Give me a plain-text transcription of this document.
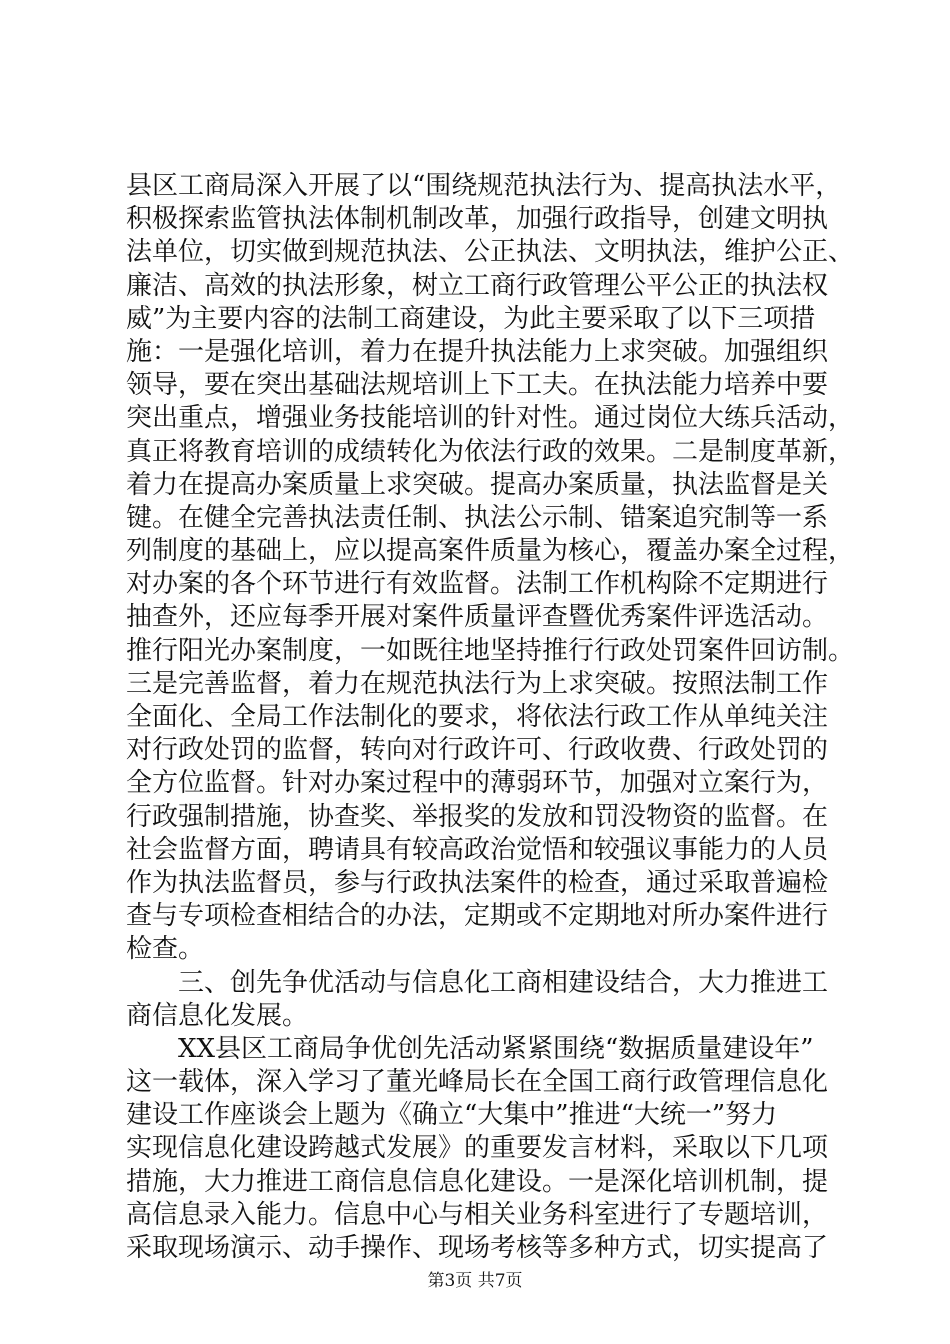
县区工商局深入开展了以“围绕规范执法行为、提高执法水平，
积极探索监管执法体制机制改革，加强行政指导，创建文明执
法单位，切实做到规范执法、公正执法、文明执法，维护公正、
廉洁、高效的执法形象，树立工商行政管理公平公正的执法权
威”为主要内容的法制工商建设，为此主要采取了以下三项措
施：一是强化培训，着力在提升执法能力上求突破。加强组织
领导，要在突出基础法规培训上下工夫。在执法能力培养中要
突出重点，增强业务技能培训的针对性。通过岗位大练兵活动，
真正将教育培训的成绩转化为依法行政的效果。二是制度革新，
着力在提高办案质量上求突破。提高办案质量，执法监督是关
键。在健全完善执法责任制、执法公示制、错案追究制等一系
列制度的基础上，应以提高案件质量为核心，覆盖办案全过程，
对办案的各个环节进行有效监督。法制工作机构除不定期进行
抽查外，还应每季开展对案件质量评查暨优秀案件评选活动。
推行阳光办案制度，一如既往地坚持推行行政处罚案件回访制。
三是完善监督，着力在规范执法行为上求突破。按照法制工作
全面化、全局工作法制化的要求，将依法行政工作从单纯关注
对行政处罚的监督，转向对行政许可、行政收费、行政处罚的
全方位监督。针对办案过程中的薄弱环节，加强对立案行为，
行政强制措施，协查奖、举报奖的发放和罚没物资的监督。在
社会监督方面，聘请具有较高政治觉悟和较强议事能力的人员
作为执法监督员，参与行政执法案件的检查，通过采取普遍检
查与专项检查相结合的办法，定期或不定期地对所办案件进行
检查。
三、创先争优活动与信息化工商相建设结合，大力推进工
商信息化发展。
XX县区工商局争优创先活动紧紧围绕“数据质量建设年”
这一载体，深入学习了董光峰局长在全国工商行政管理信息化
建设工作座谈会上题为《确立“大集中”推进“大统一”努力
实现信息化建设跨越式发展》的重要发言材料，采取以下几项
措施，大力推进工商信息信息化建设。一是深化培训机制，提
高信息录入能力。信息中心与相关业务科室进行了专题培训，
采取现场演示、动手操作、现场考核等多种方式，切实提高了
第3页 共7页
